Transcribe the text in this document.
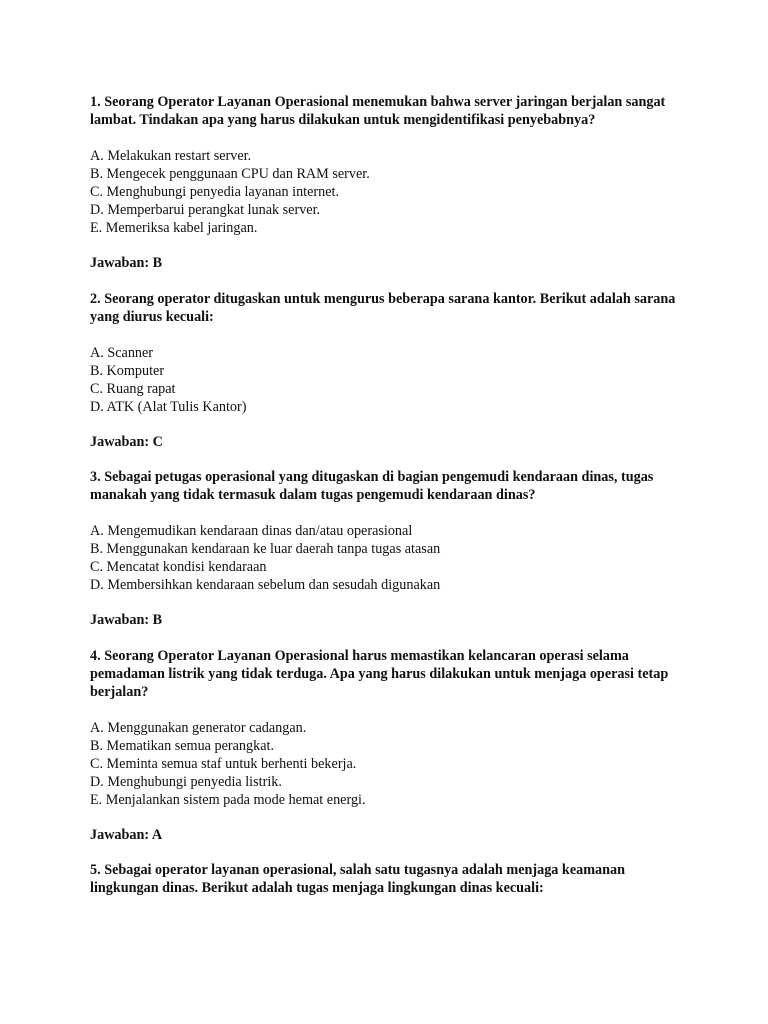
1. Seorang Operator Layanan Operasional menemukan bahwa server jaringan berjalan sangat lambat. Tindakan apa yang harus dilakukan untuk mengidentifikasi penyebabnya?

A. Melakukan restart server.
B. Mengecek penggunaan CPU dan RAM server.
C. Menghubungi penyedia layanan internet.
D. Memperbarui perangkat lunak server.
E. Memeriksa kabel jaringan.

Jawaban: B

2. Seorang operator ditugaskan untuk mengurus beberapa sarana kantor. Berikut adalah sarana yang diurus kecuali:

A. Scanner
B. Komputer
C. Ruang rapat
D. ATK (Alat Tulis Kantor)

Jawaban: C

3. Sebagai petugas operasional yang ditugaskan di bagian pengemudi kendaraan dinas, tugas manakah yang tidak termasuk dalam tugas pengemudi kendaraan dinas?

A. Mengemudikan kendaraan dinas dan/atau operasional
B. Menggunakan kendaraan ke luar daerah tanpa tugas atasan
C. Mencatat kondisi kendaraan
D. Membersihkan kendaraan sebelum dan sesudah digunakan

Jawaban: B

4. Seorang Operator Layanan Operasional harus memastikan kelancaran operasi selama pemadaman listrik yang tidak terduga. Apa yang harus dilakukan untuk menjaga operasi tetap berjalan?

A. Menggunakan generator cadangan.
B. Mematikan semua perangkat.
C. Meminta semua staf untuk berhenti bekerja.
D. Menghubungi penyedia listrik.
E. Menjalankan sistem pada mode hemat energi.

Jawaban: A

5. Sebagai operator layanan operasional, salah satu tugasnya adalah menjaga keamanan lingkungan dinas. Berikut adalah tugas menjaga lingkungan dinas kecuali:
